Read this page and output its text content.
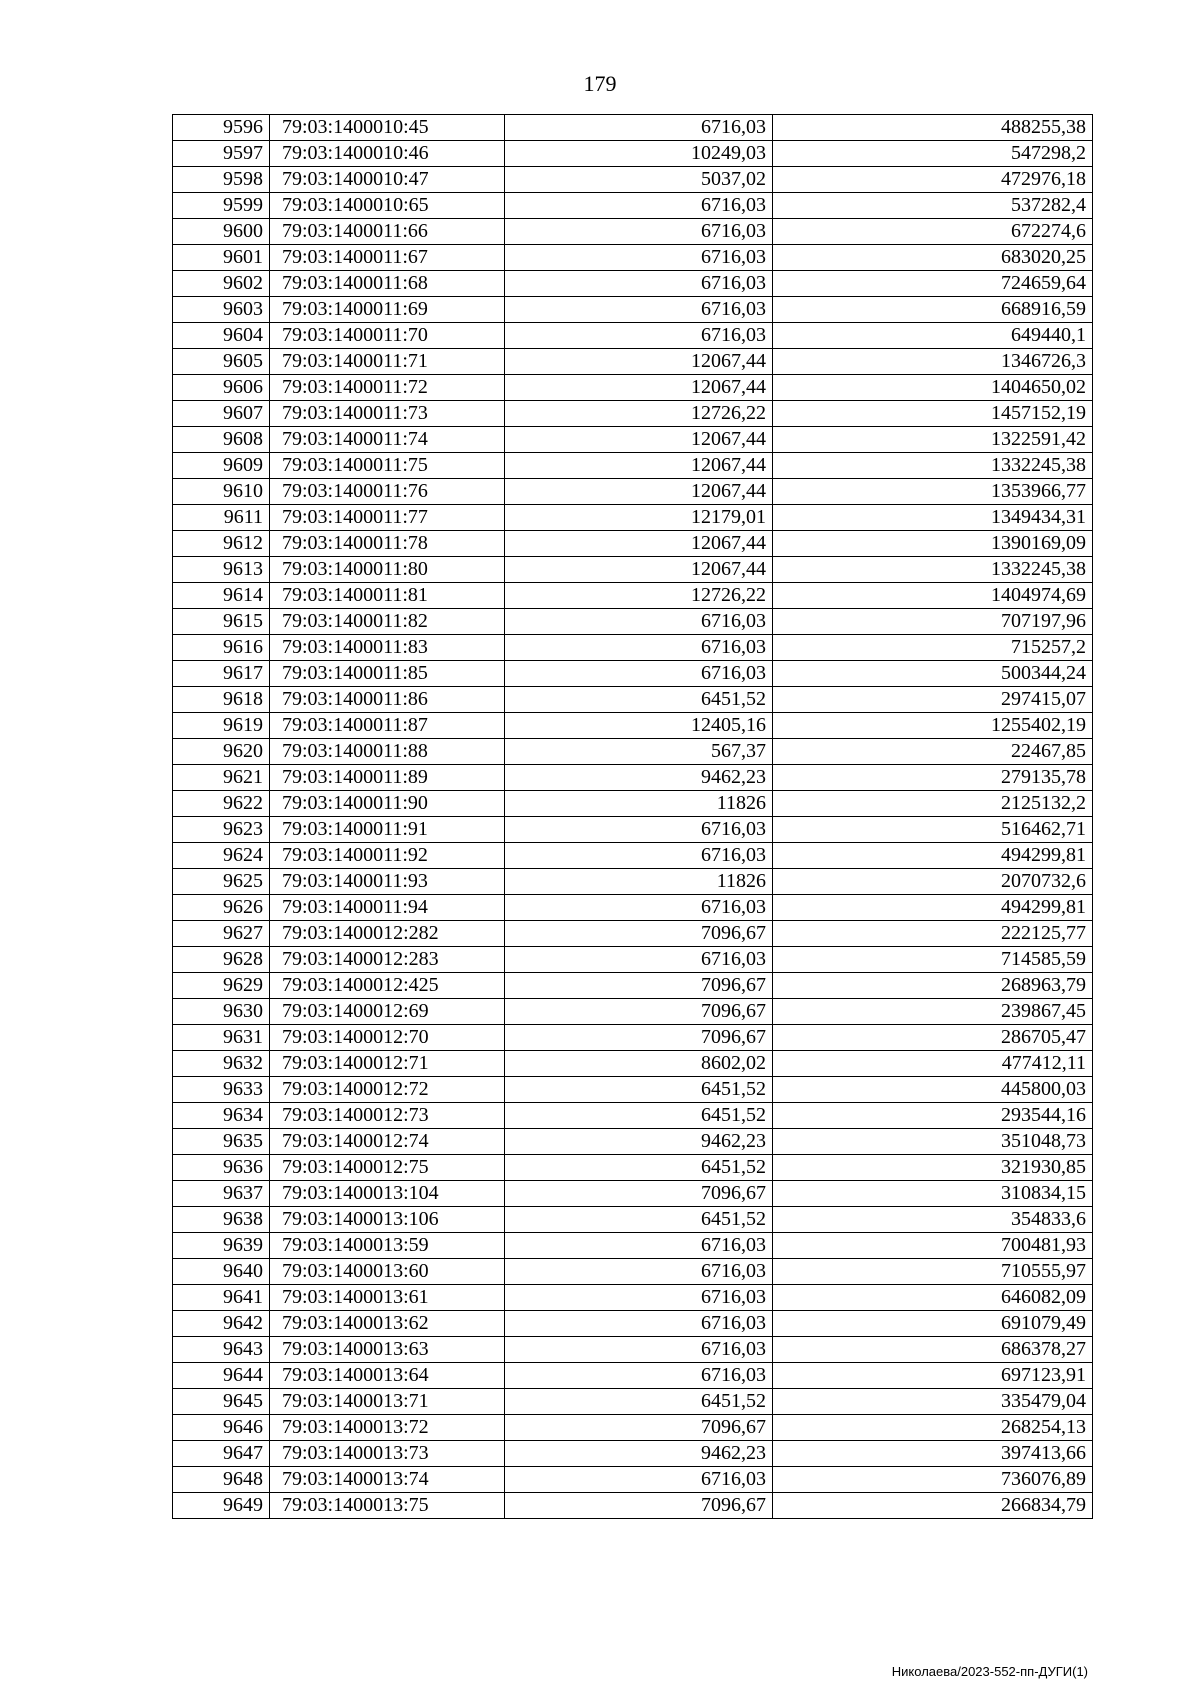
179
9596	79:03:1400010:45	6716,03	488255,38
9597	79:03:1400010:46	10249,03	547298,2
9598	79:03:1400010:47	5037,02	472976,18
9599	79:03:1400010:65	6716,03	537282,4
9600	79:03:1400011:66	6716,03	672274,6
9601	79:03:1400011:67	6716,03	683020,25
9602	79:03:1400011:68	6716,03	724659,64
9603	79:03:1400011:69	6716,03	668916,59
9604	79:03:1400011:70	6716,03	649440,1
9605	79:03:1400011:71	12067,44	1346726,3
9606	79:03:1400011:72	12067,44	1404650,02
9607	79:03:1400011:73	12726,22	1457152,19
9608	79:03:1400011:74	12067,44	1322591,42
9609	79:03:1400011:75	12067,44	1332245,38
9610	79:03:1400011:76	12067,44	1353966,77
9611	79:03:1400011:77	12179,01	1349434,31
9612	79:03:1400011:78	12067,44	1390169,09
9613	79:03:1400011:80	12067,44	1332245,38
9614	79:03:1400011:81	12726,22	1404974,69
9615	79:03:1400011:82	6716,03	707197,96
9616	79:03:1400011:83	6716,03	715257,2
9617	79:03:1400011:85	6716,03	500344,24
9618	79:03:1400011:86	6451,52	297415,07
9619	79:03:1400011:87	12405,16	1255402,19
9620	79:03:1400011:88	567,37	22467,85
9621	79:03:1400011:89	9462,23	279135,78
9622	79:03:1400011:90	11826	2125132,2
9623	79:03:1400011:91	6716,03	516462,71
9624	79:03:1400011:92	6716,03	494299,81
9625	79:03:1400011:93	11826	2070732,6
9626	79:03:1400011:94	6716,03	494299,81
9627	79:03:1400012:282	7096,67	222125,77
9628	79:03:1400012:283	6716,03	714585,59
9629	79:03:1400012:425	7096,67	268963,79
9630	79:03:1400012:69	7096,67	239867,45
9631	79:03:1400012:70	7096,67	286705,47
9632	79:03:1400012:71	8602,02	477412,11
9633	79:03:1400012:72	6451,52	445800,03
9634	79:03:1400012:73	6451,52	293544,16
9635	79:03:1400012:74	9462,23	351048,73
9636	79:03:1400012:75	6451,52	321930,85
9637	79:03:1400013:104	7096,67	310834,15
9638	79:03:1400013:106	6451,52	354833,6
9639	79:03:1400013:59	6716,03	700481,93
9640	79:03:1400013:60	6716,03	710555,97
9641	79:03:1400013:61	6716,03	646082,09
9642	79:03:1400013:62	6716,03	691079,49
9643	79:03:1400013:63	6716,03	686378,27
9644	79:03:1400013:64	6716,03	697123,91
9645	79:03:1400013:71	6451,52	335479,04
9646	79:03:1400013:72	7096,67	268254,13
9647	79:03:1400013:73	9462,23	397413,66
9648	79:03:1400013:74	6716,03	736076,89
9649	79:03:1400013:75	7096,67	266834,79
Николаева/2023-552-пп-ДУГИ(1)
